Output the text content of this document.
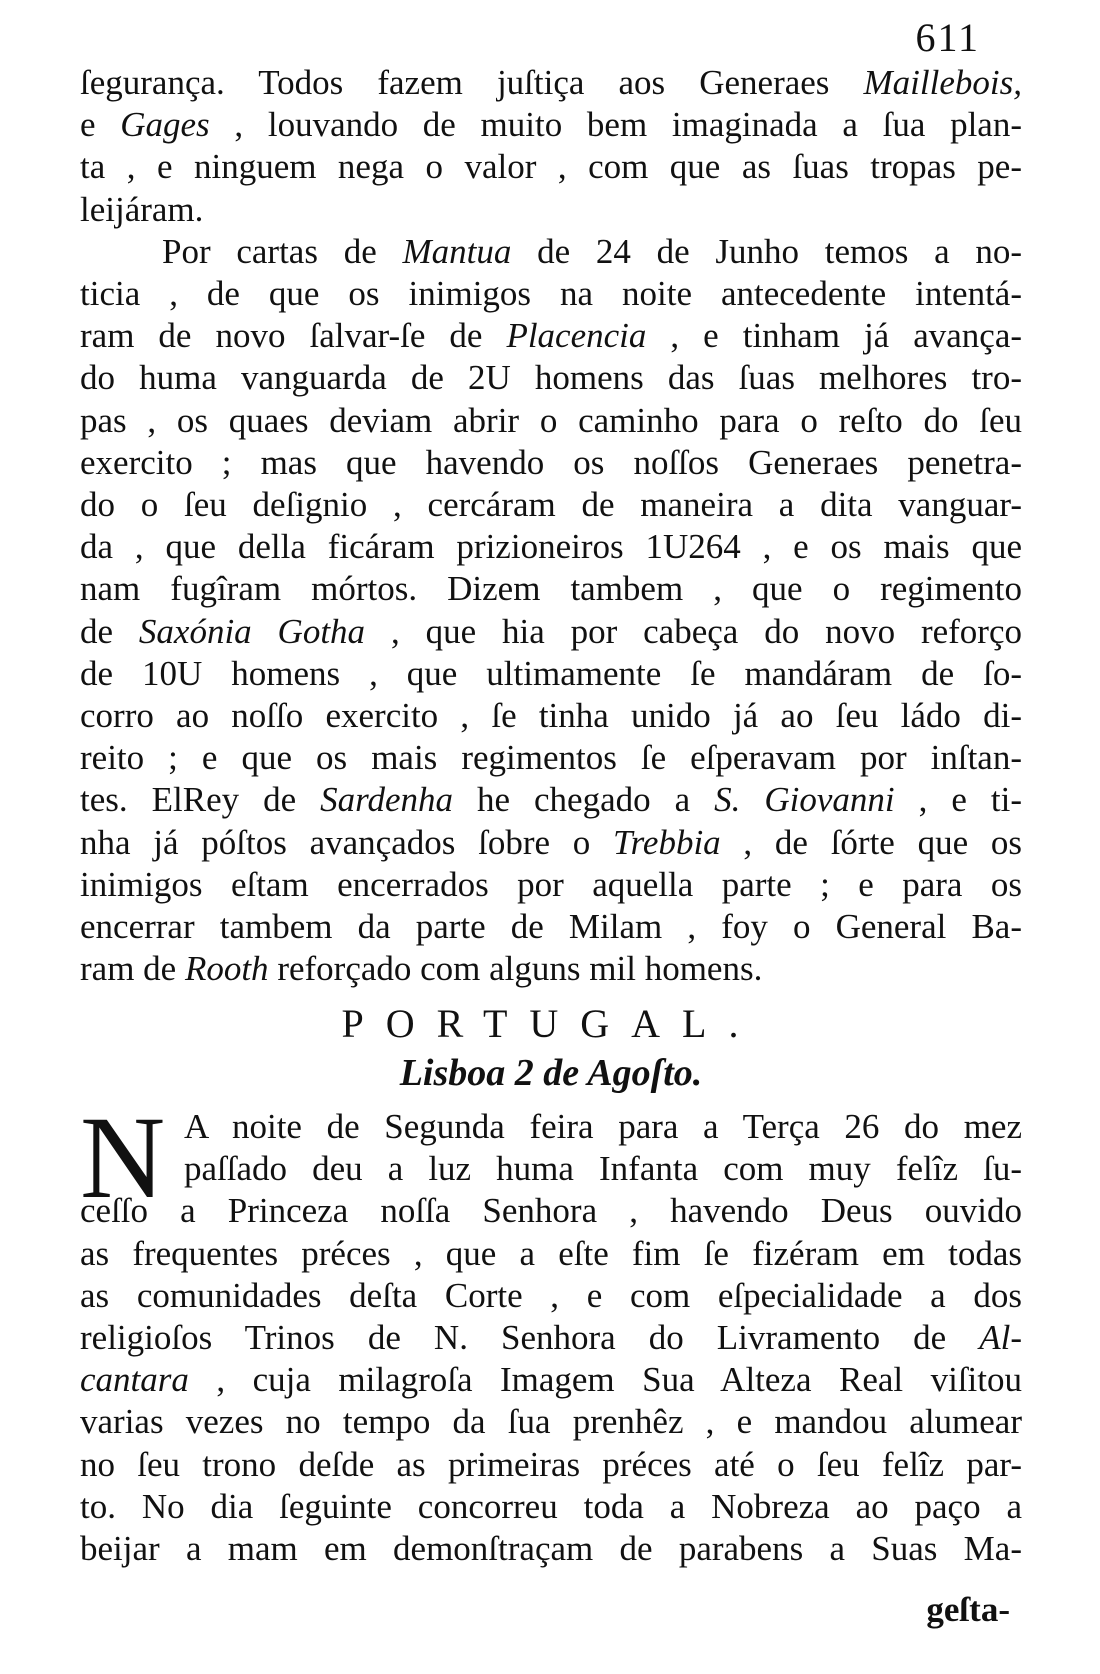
611

ſegurança. Todos fazem juſtiça aos Generaes Maillebois,
e Gages , louvando de muito bem imaginada a ſua plan-
ta , e ninguem nega o valor , com que as ſuas tropas pe-
leijáram.
Por cartas de Mantua de 24 de Junho temos a no-
ticia , de que os inimigos na noite antecedente intentá-
ram de novo ſalvar-ſe de Placencia , e tinham já avança-
do huma vanguarda de 2U homens das ſuas melhores tro-
pas , os quaes deviam abrir o caminho para o reſto do ſeu
exercito ; mas que havendo os noſſos Generaes penetra-
do o ſeu deſignio , cercáram de maneira a dita vanguar-
da , que della ficáram prizioneiros 1U264 , e os mais que
nam fugîram mórtos. Dizem tambem , que o regimento
de Saxónia Gotha , que hia por cabeça do novo reforço
de 10U homens , que ultimamente ſe mandáram de ſo-
corro ao noſſo exercito , ſe tinha unido já ao ſeu ládo di-
reito ; e que os mais regimentos ſe eſperavam por inſtan-
tes. ElRey de Sardenha he chegado a S. Giovanni , e ti-
nha já póſtos avançados ſobre o Trebbia , de ſórte que os
inimigos eſtam encerrados por aquella parte ; e para os
encerrar tambem da parte de Milam , foy o General Ba-
ram de Rooth reforçado com alguns mil homens.

PORTUGAL.
Lisboa 2 de Agoſto.
N A noite de Segunda feira para a Terça 26 do mez
paſſado deu a luz huma Infanta com muy felîz ſu-
ceſſo a Princeza noſſa Senhora , havendo Deus ouvido
as frequentes préces , que a eſte fim ſe fizéram em todas
as comunidades deſta Corte , e com eſpecialidade a dos
religioſos Trinos de N. Senhora do Livramento de Al-
cantara , cuja milagroſa Imagem Sua Alteza Real viſitou
varias vezes no tempo da ſua prenhêz , e mandou alumear
no ſeu trono deſde as primeiras préces até o ſeu felîz par-
to. No dia ſeguinte concorreu toda a Nobreza ao paço a
beijar a mam em demonſtraçam de parabens a Suas Ma-

geſta-
